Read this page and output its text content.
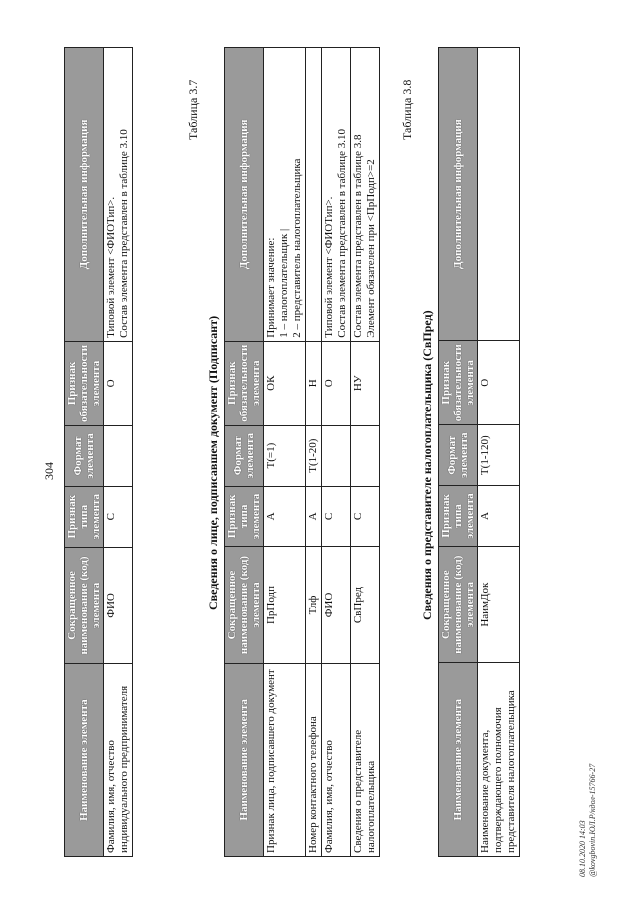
304
Наименование элемента	Сокращенное наименование (код) элемента	Признак типа элемента	Формат элемента	Признак обязательности элемента	Дополнительная информация
Фамилия, имя, отчество индивидуального предпринимателя	ФИО	С		О	Типовой элемент <ФИОТип>.
Состав элемента представлен в таблице 3.10	Таблица 3.7
Сведения о лице, подписавшем документ (Подписант)
Наименование элемента	Сокращенное наименование (код) элемента	Признак типа элемента	Формат элемента	Признак обязательности элемента	Дополнительная информация
Признак лица, подписавшего документ	ПрПодп	А	T(=1)	ОК	Принимает значение:
1 – налогоплательщик |
2 – представитель налогоплательщика
Номер контактного телефона	Тлф	А	T(1-20)	Н	
Фамилия, имя, отчество	ФИО	С		О	Типовой элемент <ФИОТип>.
Состав элемента представлен в таблице 3.10
Сведения о представителе налогоплательщика	СвПред	С		НУ	Состав элемента представлен в таблице 3.8
Элемент обязателен при <ПрПодп>=2
Таблица 3.8
Сведения о представителе налогоплательщика (СвПред)
Наименование элемента	Сокращенное наименование (код) элемента	Признак типа элемента	Формат элемента	Признак обязательности элемента	Дополнительная информация
Наименование документа, подтверждающего полномочия представителя налогоплательщика	НаимДок	А	T(1-120)	О	
08.10.2020 14:03 @kovgbovin.ЮЛ.Р/кдол-15766-27
